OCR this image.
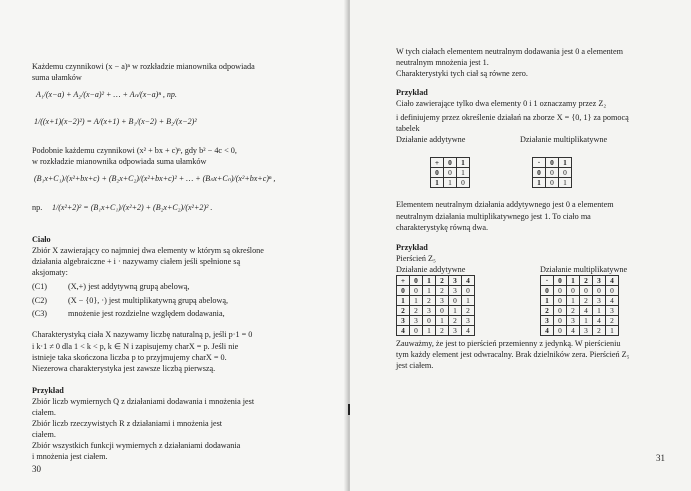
Każdemu czynnikowi (x − a)ⁿ w rozkładzie mianownika odpowiada
suma ułamków
A₁/(x−a) + A₂/(x−a)² + … + Aₙ/(x−a)ⁿ , np.
1/((x+1)(x−2)²) = A/(x+1) + B₁/(x−2) + B₂/(x−2)²
Podobnie każdemu czynnikowi (x² + bx + c)ⁿ, gdy b² − 4c < 0,
w rozkładzie mianownika odpowiada suma ułamków
(B₁x+C₁)/(x²+bx+c) + (B₂x+C₂)/(x²+bx+c)² + … + (Bₙx+Cₙ)/(x²+bx+c)ⁿ ,
np. 1/(x²+2)² = (B₁x+C₁)/(x²+2) + (B₂x+C₂)/(x²+2)² .
Ciało
Zbiór X zawierający co najmniej dwa elementy w którym są określone
działania algebraiczne + i · nazywamy ciałem jeśli spełnione są
aksjomaty:
(C1)	(X,+) jest addytywną grupą abelową,
(C2)	(X − {0}, ·) jest multiplikatywną grupą abelową,
(C3)	mnożenie jest rozdzielne względem dodawania,
Charakterystyką ciała X nazywamy liczbę naturalną p, jeśli p·1 = 0
i k·1 ≠ 0 dla 1 < k < p, k ∈ N i zapisujemy charX = p. Jeśli nie
istnieje taka skończona liczba p to przyjmujemy charX = 0.
Niezerowa charakterystyka jest zawsze liczbą pierwszą.
Przykład
Zbiór liczb wymiernych Q z działaniami dodawania i mnożenia jest
ciałem.
Zbiór liczb rzeczywistych R z działaniami i mnożenia jest
ciałem.
Zbiór wszystkich funkcji wymiernych z działaniami dodawania
i mnożenia jest ciałem.
30
W tych ciałach elementem neutralnym dodawania jest 0 a elementem
neutralnym mnożenia jest 1.
Charakterystyki tych ciał są równe zero.
Przykład
Ciało zawierające tylko dwa elementy 0 i 1 oznaczamy przez Z₂
i definiujemy przez określenie działań na zborze X = {0, 1} za pomocą
tabelek
Działanie addytywne	Działanie multiplikatywne
+	0	1
0	0	1
1	1	0
·	0	1
0	0	0
1	0	1
Elementem neutralnym działania addytywnego jest 0 a elementem
neutralnym działania multiplikatywnego jest 1. To ciało ma
charakterystykę równą dwa.
Przykład
Pierścień Z₅
Działanie addytywne	Działanie multiplikatywne
+	0	1	2	3	4
0	0	1	2	3	0
1	1	2	3	0	1
2	2	3	0	1	2
3	3	0	1	2	3
4	0	1	2	3	4
·	0	1	2	3	4
0	0	0	0	0	0
1	0	1	2	3	4
2	0	2	4	1	3
3	0	3	1	4	2
4	0	4	3	2	1
Zauważmy, że jest to pierścień przemienny z jedynką. W pierścieniu
tym każdy element jest odwracalny. Brak dzielników zera. Pierścień Z₅
jest ciałem.
31
